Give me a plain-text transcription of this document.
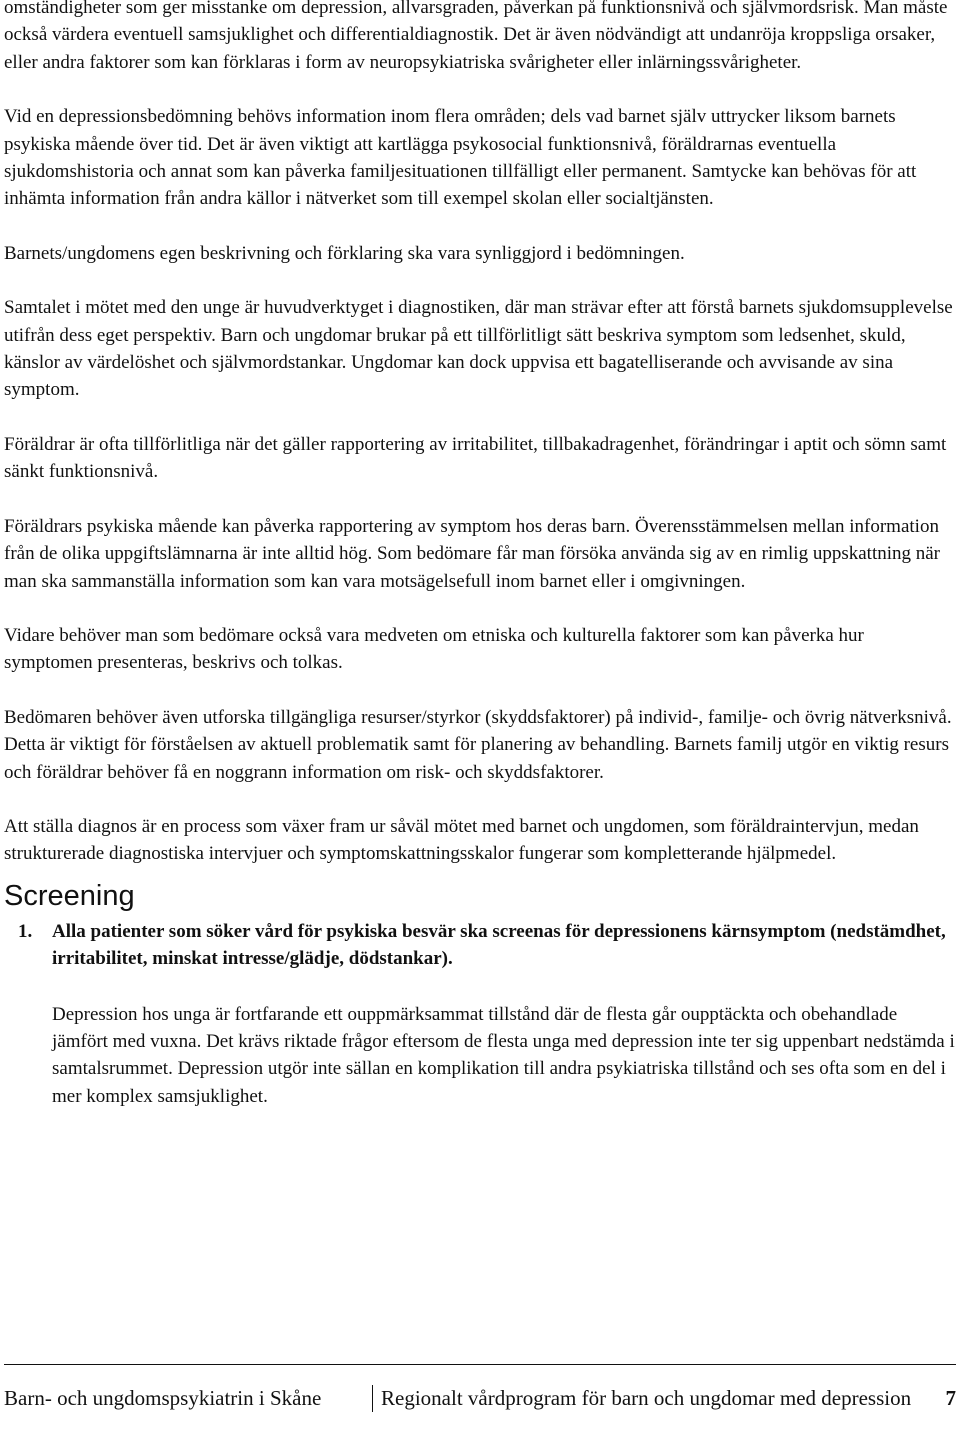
omständigheter som ger misstanke om depression, allvarsgraden, påverkan på funktionsnivå och självmordsrisk. Man måste också värdera eventuell samsjuklighet och differentialdiagnostik. Det är även nödvändigt att undanröja kroppsliga orsaker, eller andra faktorer som kan förklaras i form av neuropsykiatriska svårigheter eller inlärningssvårigheter.

Vid en depressionsbedömning behövs information inom flera områden; dels vad barnet själv uttrycker liksom barnets psykiska mående över tid. Det är även viktigt att kartlägga psykosocial funktionsnivå, föräldrarnas eventuella sjukdomshistoria och annat som kan påverka familjesituationen tillfälligt eller permanent. Samtycke kan behövas för att inhämta information från andra källor i nätverket som till exempel skolan eller socialtjänsten.

Barnets/ungdomens egen beskrivning och förklaring ska vara synliggjord i bedömningen.

Samtalet i mötet med den unge är huvudverktyget i diagnostiken, där man strävar efter att förstå barnets sjukdomsupplevelse utifrån dess eget perspektiv. Barn och ungdomar brukar på ett tillförlitligt sätt beskriva symptom som ledsenhet, skuld, känslor av värdelöshet och självmordstankar. Ungdomar kan dock uppvisa ett bagatelliserande och avvisande av sina symptom.

Föräldrar är ofta tillförlitliga när det gäller rapportering av irritabilitet, tillbakadragenhet, förändringar i aptit och sömn samt sänkt funktionsnivå.

Föräldrars psykiska mående kan påverka rapportering av symptom hos deras barn. Överensstämmelsen mellan information från de olika uppgiftslämnarna är inte alltid hög. Som bedömare får man försöka använda sig av en rimlig uppskattning när man ska sammanställa information som kan vara motsägelsefull inom barnet eller i omgivningen.

Vidare behöver man som bedömare också vara medveten om etniska och kulturella faktorer som kan påverka hur symptomen presenteras, beskrivs och tolkas.

Bedömaren behöver även utforska tillgängliga resurser/styrkor (skyddsfaktorer) på individ-, familje- och övrig nätverksnivå. Detta är viktigt för förståelsen av aktuell problematik samt för planering av behandling. Barnets familj utgör en viktig resurs och föräldrar behöver få en noggrann information om risk- och skyddsfaktorer.

Att ställa diagnos är en process som växer fram ur såväl mötet med barnet och ungdomen, som föräldraintervjun, medan strukturerade diagnostiska intervjuer och symptomskattningsskalor fungerar som kompletterande hjälpmedel.

Screening
1.	Alla patienter som söker vård för psykiska besvär ska screenas för depressionens kärnsymptom (nedstämdhet, irritabilitet, minskat intresse/glädje, dödstankar).

Depression hos unga är fortfarande ett ouppmärksammat tillstånd där de flesta går oupptäckta och obehandlade jämfört med vuxna. Det krävs riktade frågor eftersom de flesta unga med depression inte ter sig uppenbart nedstämda i samtalsrummet. Depression utgör inte sällan en komplikation till andra psykiatriska tillstånd och ses ofta som en del i mer komplex samsjuklighet.

Barn- och ungdomspsykiatrin i Skåne	Regionalt vårdprogram för barn och ungdomar med depression	7
